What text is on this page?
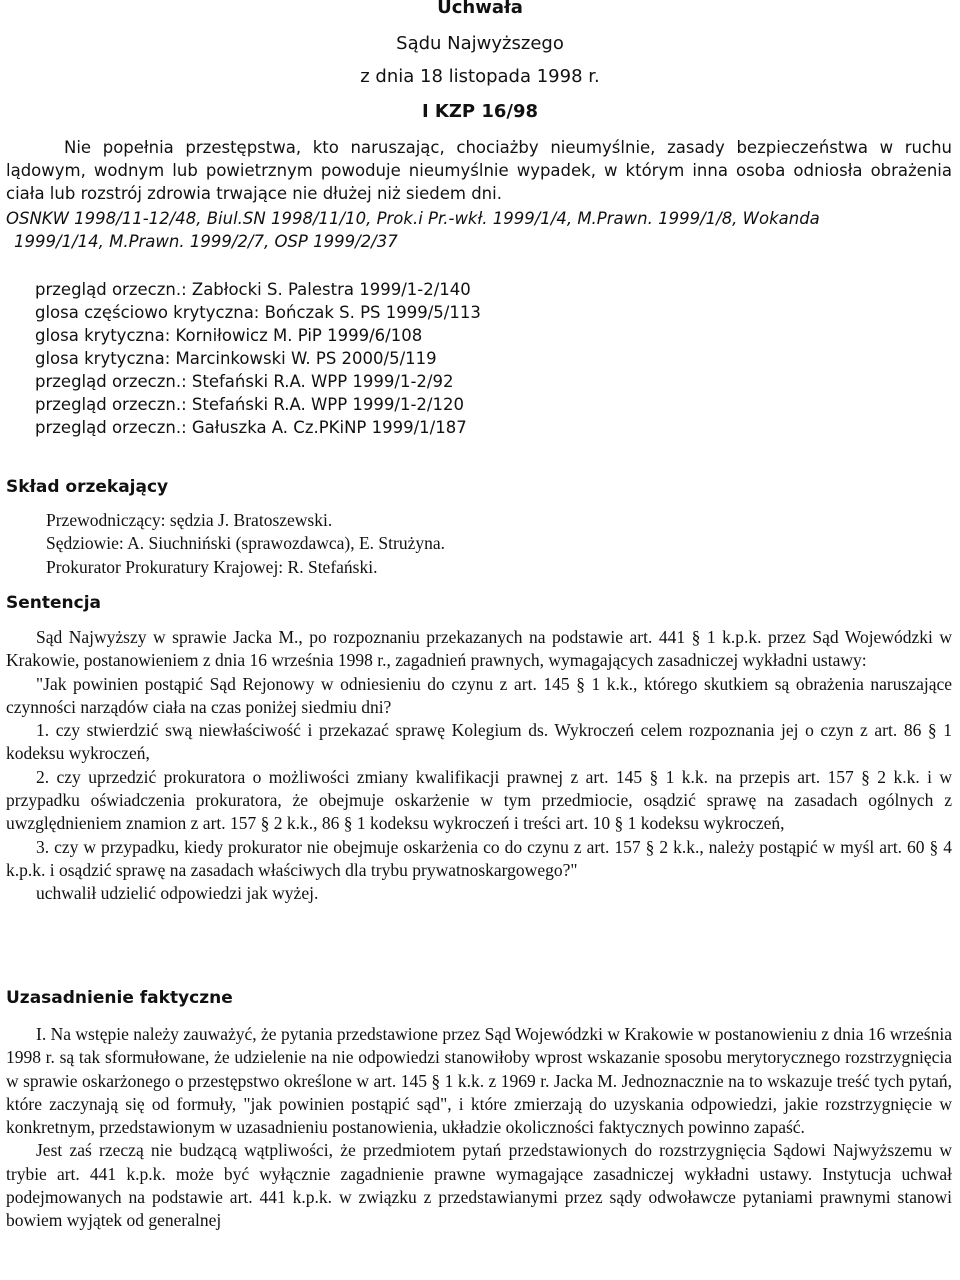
Uchwała
Sądu Najwyższego
z dnia 18 listopada 1998 r.
I KZP 16/98
Nie popełnia przestępstwa, kto naruszając, chociażby nieumyślnie, zasady bezpieczeństwa w ruchu lądowym, wodnym lub powietrznym powoduje nieumyślnie wypadek, w którym inna osoba odniosła obrażenia ciała lub rozstrój zdrowia trwające nie dłużej niż siedem dni.
OSNKW 1998/11-12/48, Biul.SN 1998/11/10, Prok.i Pr.-wkł. 1999/1/4, M.Prawn. 1999/1/8, Wokanda
1999/1/14, M.Prawn. 1999/2/7, OSP 1999/2/37
przegląd orzeczn.: Zabłocki S. Palestra 1999/1-2/140
glosa częściowo krytyczna: Bończak S. PS 1999/5/113
glosa krytyczna: Korniłowicz M. PiP 1999/6/108
glosa krytyczna: Marcinkowski W. PS 2000/5/119
przegląd orzeczn.: Stefański R.A. WPP 1999/1-2/92
przegląd orzeczn.: Stefański R.A. WPP 1999/1-2/120
przegląd orzeczn.: Gałuszka A. Cz.PKiNP 1999/1/187
Skład orzekający
Przewodniczący: sędzia J. Bratoszewski.
Sędziowie: A. Siuchniński (sprawozdawca), E. Strużyna.
Prokurator Prokuratury Krajowej: R. Stefański.
Sentencja

Sąd Najwyższy w sprawie Jacka M., po rozpoznaniu przekazanych na podstawie art. 441 § 1 k.p.k. przez Sąd Wojewódzki w Krakowie, postanowieniem z dnia 16 września 1998 r., zagadnień prawnych, wymagających zasadniczej wykładni ustawy:

"Jak powinien postąpić Sąd Rejonowy w odniesieniu do czynu z art. 145 § 1 k.k., którego skutkiem są obrażenia naruszające czynności narządów ciała na czas poniżej siedmiu dni?

1. czy stwierdzić swą niewłaściwość i przekazać sprawę Kolegium ds. Wykroczeń celem rozpoznania jej o czyn z art. 86 § 1 kodeksu wykroczeń,

2. czy uprzedzić prokuratora o możliwości zmiany kwalifikacji prawnej z art. 145 § 1 k.k. na przepis art. 157 § 2 k.k. i w przypadku oświadczenia prokuratora, że obejmuje oskarżenie w tym przedmiocie, osądzić sprawę na zasadach ogólnych z uwzględnieniem znamion z art. 157 § 2 k.k., 86 § 1 kodeksu wykroczeń i treści art. 10 § 1 kodeksu wykroczeń,

3. czy w przypadku, kiedy prokurator nie obejmuje oskarżenia co do czynu z art. 157 § 2 k.k., należy postąpić w myśl art. 60 § 4 k.p.k. i osądzić sprawę na zasadach właściwych dla trybu prywatnoskargowego?"

uchwalił udzielić odpowiedzi jak wyżej.

Uzasadnienie faktyczne

I. Na wstępie należy zauważyć, że pytania przedstawione przez Sąd Wojewódzki w Krakowie w postanowieniu z dnia 16 września 1998 r. są tak sformułowane, że udzielenie na nie odpowiedzi stanowiłoby wprost wskazanie sposobu merytorycznego rozstrzygnięcia w sprawie oskarżonego o przestępstwo określone w art. 145 § 1 k.k. z 1969 r. Jacka M. Jednoznacznie na to wskazuje treść tych pytań, które zaczynają się od formuły, "jak powinien postąpić sąd", i które zmierzają do uzyskania odpowiedzi, jakie rozstrzygnięcie w konkretnym, przedstawionym w uzasadnieniu postanowienia, układzie okoliczności faktycznych powinno zapaść.

Jest zaś rzeczą nie budzącą wątpliwości, że przedmiotem pytań przedstawionych do rozstrzygnięcia Sądowi Najwyższemu w trybie art. 441 k.p.k. może być wyłącznie zagadnienie prawne wymagające zasadniczej wykładni ustawy. Instytucja uchwał podejmowanych na podstawie art. 441 k.p.k. w związku z przedstawianymi przez sądy odwoławcze pytaniami prawnymi stanowi bowiem wyjątek od generalnej
